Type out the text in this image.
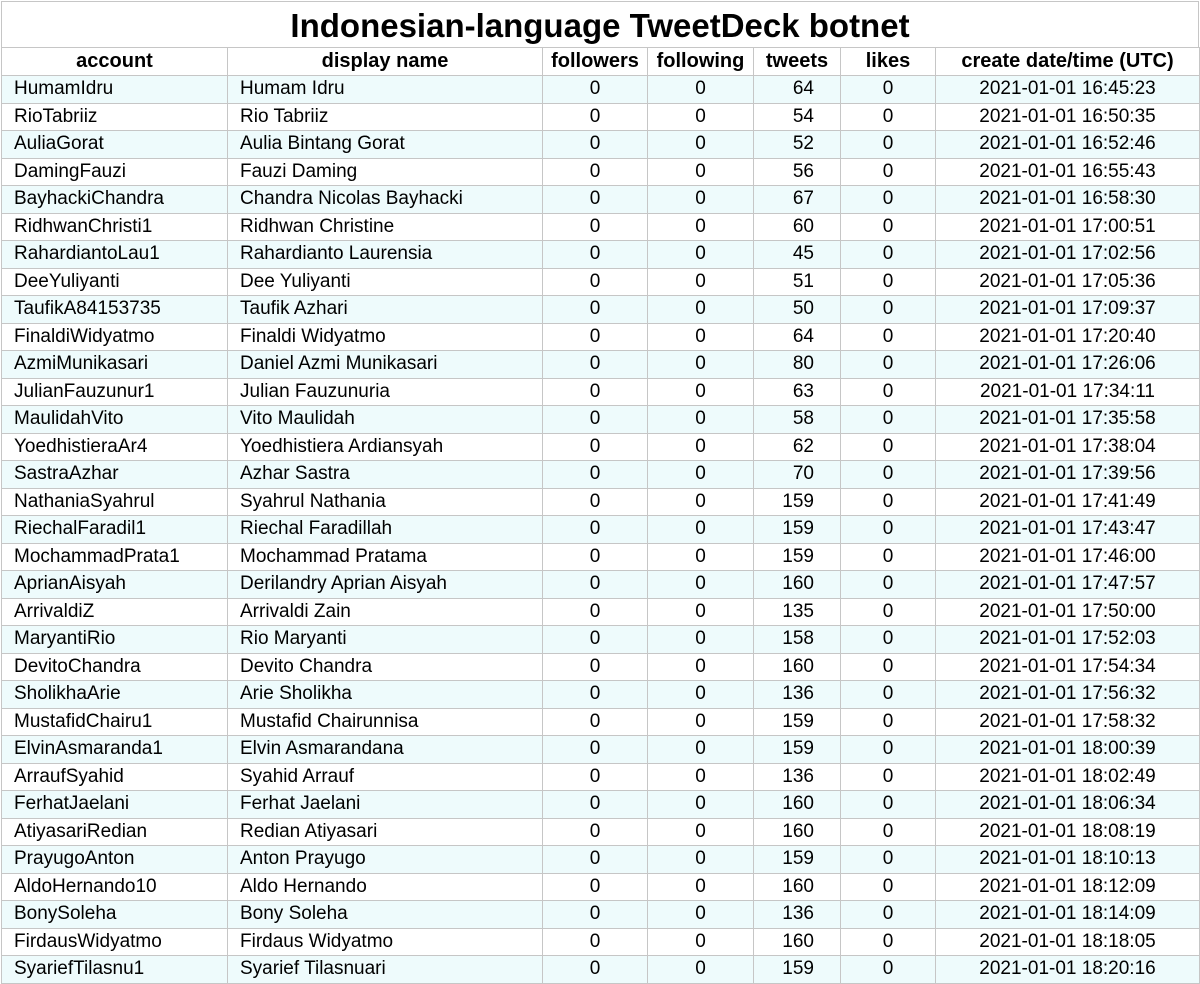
Indonesian-language TweetDeck botnet
account	display name	followers	following	tweets	likes	create date/time (UTC)
HumamIdru	Humam Idru	0	0	64	0	2021-01-01 16:45:23
RioTabriiz	Rio Tabriiz	0	0	54	0	2021-01-01 16:50:35
AuliaGorat	Aulia Bintang Gorat	0	0	52	0	2021-01-01 16:52:46
DamingFauzi	Fauzi Daming	0	0	56	0	2021-01-01 16:55:43
BayhackiChandra	Chandra Nicolas Bayhacki	0	0	67	0	2021-01-01 16:58:30
RidhwanChristi1	Ridhwan Christine	0	0	60	0	2021-01-01 17:00:51
RahardiantoLau1	Rahardianto Laurensia	0	0	45	0	2021-01-01 17:02:56
DeeYuliyanti	Dee Yuliyanti	0	0	51	0	2021-01-01 17:05:36
TaufikA84153735	Taufik Azhari	0	0	50	0	2021-01-01 17:09:37
FinaldiWidyatmo	Finaldi Widyatmo	0	0	64	0	2021-01-01 17:20:40
AzmiMunikasari	Daniel Azmi Munikasari	0	0	80	0	2021-01-01 17:26:06
JulianFauzunur1	Julian Fauzunuria	0	0	63	0	2021-01-01 17:34:11
MaulidahVito	Vito Maulidah	0	0	58	0	2021-01-01 17:35:58
YoedhistieraAr4	Yoedhistiera Ardiansyah	0	0	62	0	2021-01-01 17:38:04
SastraAzhar	Azhar Sastra	0	0	70	0	2021-01-01 17:39:56
NathaniaSyahrul	Syahrul Nathania	0	0	159	0	2021-01-01 17:41:49
RiechalFaradil1	Riechal Faradillah	0	0	159	0	2021-01-01 17:43:47
MochammadPrata1	Mochammad Pratama	0	0	159	0	2021-01-01 17:46:00
AprianAisyah	Derilandry Aprian Aisyah	0	0	160	0	2021-01-01 17:47:57
ArrivaldiZ	Arrivaldi Zain	0	0	135	0	2021-01-01 17:50:00
MaryantiRio	Rio Maryanti	0	0	158	0	2021-01-01 17:52:03
DevitoChandra	Devito Chandra	0	0	160	0	2021-01-01 17:54:34
SholikhaArie	Arie Sholikha	0	0	136	0	2021-01-01 17:56:32
MustafidChairu1	Mustafid Chairunnisa	0	0	159	0	2021-01-01 17:58:32
ElvinAsmaranda1	Elvin Asmarandana	0	0	159	0	2021-01-01 18:00:39
ArraufSyahid	Syahid Arrauf	0	0	136	0	2021-01-01 18:02:49
FerhatJaelani	Ferhat Jaelani	0	0	160	0	2021-01-01 18:06:34
AtiyasariRedian	Redian Atiyasari	0	0	160	0	2021-01-01 18:08:19
PrayugoAnton	Anton Prayugo	0	0	159	0	2021-01-01 18:10:13
AldoHernando10	Aldo Hernando	0	0	160	0	2021-01-01 18:12:09
BonySoleha	Bony Soleha	0	0	136	0	2021-01-01 18:14:09
FirdausWidyatmo	Firdaus Widyatmo	0	0	160	0	2021-01-01 18:18:05
SyariefTilasnu1	Syarief Tilasnuari	0	0	159	0	2021-01-01 18:20:16
